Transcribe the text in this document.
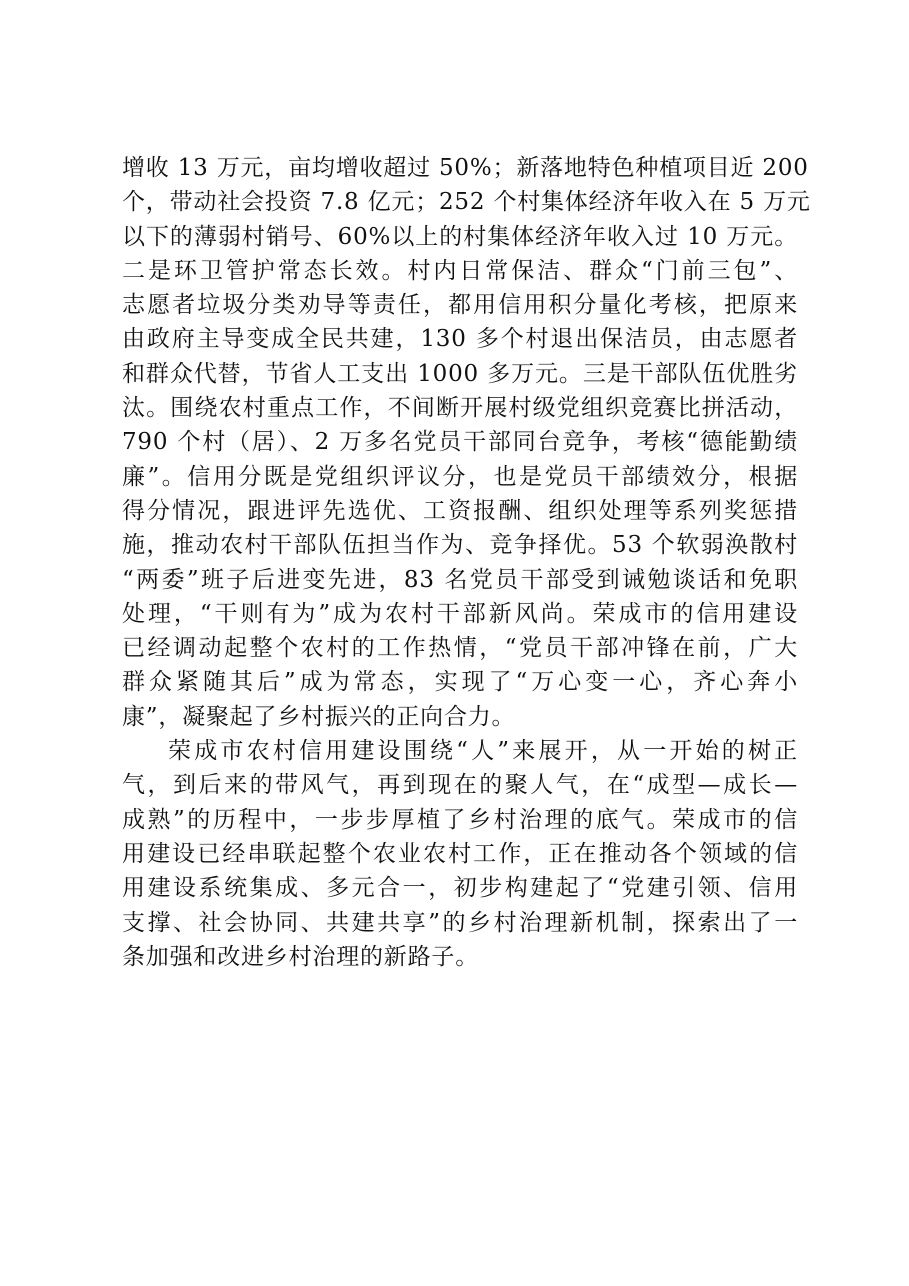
增收 13 万元，亩均增收超过 50%；新落地特色种植项目近 200
个，带动社会投资 7.8 亿元；252 个村集体经济年收入在 5 万元
以下的薄弱村销号、60%以上的村集体经济年收入过 10 万元。
二是环卫管护常态长效。村内日常保洁、群众“门前三包”、
志愿者垃圾分类劝导等责任，都用信用积分量化考核，把原来
由政府主导变成全民共建，130 多个村退出保洁员，由志愿者
和群众代替，节省人工支出 1000 多万元。三是干部队伍优胜劣
汰。围绕农村重点工作，不间断开展村级党组织竞赛比拼活动，
790 个村（居）、2 万多名党员干部同台竞争，考核“德能勤绩
廉”。信用分既是党组织评议分，也是党员干部绩效分，根据
得分情况，跟进评先选优、工资报酬、组织处理等系列奖惩措
施，推动农村干部队伍担当作为、竞争择优。53 个软弱涣散村
“两委”班子后进变先进，83 名党员干部受到诫勉谈话和免职
处理，“干则有为”成为农村干部新风尚。荣成市的信用建设
已经调动起整个农村的工作热情，“党员干部冲锋在前，广大
群众紧随其后”成为常态，实现了“万心变一心，齐心奔小
康”，凝聚起了乡村振兴的正向合力。
荣成市农村信用建设围绕“人”来展开，从一开始的树正
气，到后来的带风气，再到现在的聚人气，在“成型—成长—
成熟”的历程中，一步步厚植了乡村治理的底气。荣成市的信
用建设已经串联起整个农业农村工作，正在推动各个领域的信
用建设系统集成、多元合一，初步构建起了“党建引领、信用
支撑、社会协同、共建共享”的乡村治理新机制，探索出了一
条加强和改进乡村治理的新路子。
